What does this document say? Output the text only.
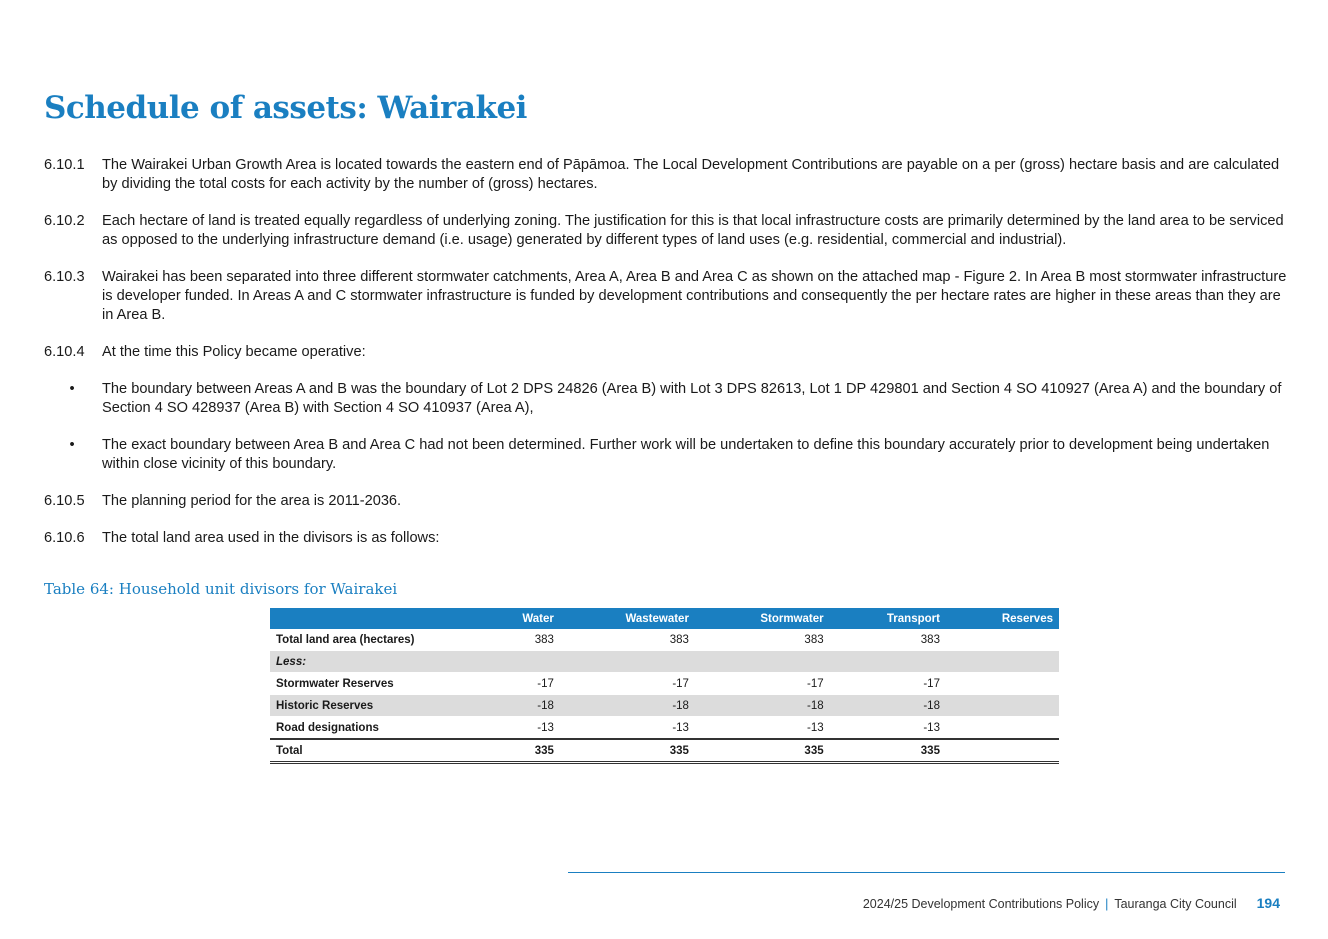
Schedule of assets: Wairakei
6.10.1	The Wairakei Urban Growth Area is located towards the eastern end of Pāpāmoa. The Local Development Contributions are payable on a per (gross) hectare basis and are calculated by dividing the total costs for each activity by the number of (gross) hectares.
6.10.2	Each hectare of land is treated equally regardless of underlying zoning. The justification for this is that local infrastructure costs are primarily determined by the land area to be serviced as opposed to the underlying infrastructure demand (i.e. usage) generated by different types of land uses (e.g. residential, commercial and industrial).
6.10.3	Wairakei has been separated into three different stormwater catchments, Area A, Area B and Area C as shown on the attached map - Figure 2. In Area B most stormwater infrastructure is developer funded. In Areas A and C stormwater infrastructure is funded by development contributions and consequently the per hectare rates are higher in these areas than they are in Area B.
6.10.4	At the time this Policy became operative:
•	The boundary between Areas A and B was the boundary of Lot 2 DPS 24826 (Area B) with Lot 3 DPS 82613, Lot 1 DP 429801 and Section 4 SO 410927 (Area A) and the boundary of Section 4 SO 428937 (Area B) with Section 4 SO 410937 (Area A),
•	The exact boundary between Area B and Area C had not been determined. Further work will be undertaken to define this boundary accurately prior to development being undertaken within close vicinity of this boundary.
6.10.5	The planning period for the area is 2011-2036.
6.10.6	The total land area used in the divisors is as follows:
Table 64: Household unit divisors for Wairakei
	Water	Wastewater	Stormwater	Transport	Reserves
Total land area (hectares)	383	383	383	383	
Less:					
Stormwater Reserves	-17	-17	-17	-17	
Historic Reserves	-18	-18	-18	-18	
Road designations	-13	-13	-13	-13	
Total	335	335	335	335	
2024/25 Development Contributions Policy | Tauranga City Council 194
